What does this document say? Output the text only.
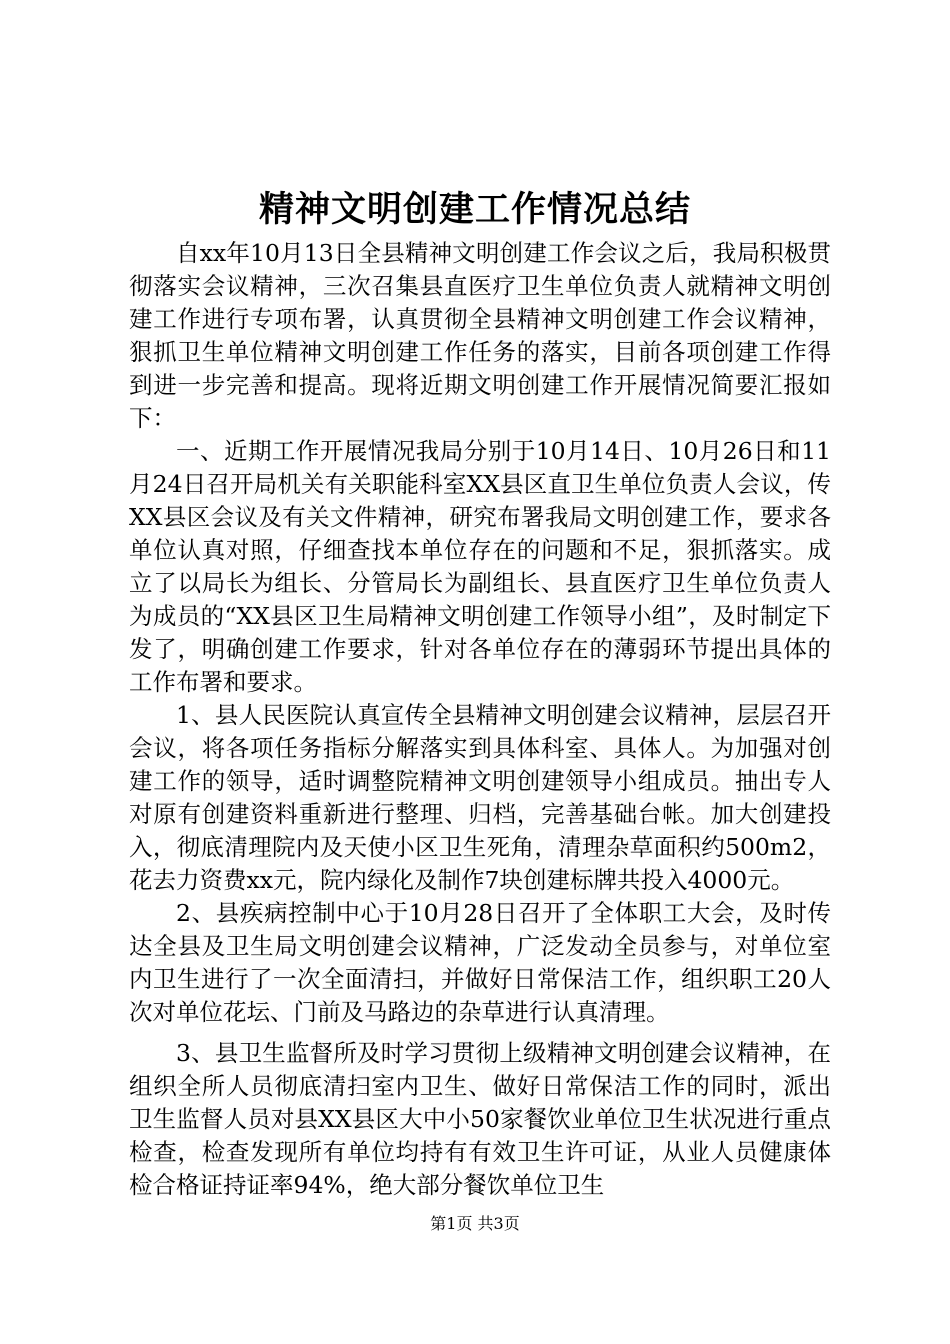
精神文明创建工作情况总结

自xx年10月13日全县精神文明创建工作会议之后，我局积极贯彻落实会议精神，三次召集县直医疗卫生单位负责人就精神文明创建工作进行专项布署，认真贯彻全县精神文明创建工作会议精神，狠抓卫生单位精神文明创建工作任务的落实，目前各项创建工作得到进一步完善和提高。现将近期文明创建工作开展情况简要汇报如下：

一、近期工作开展情况我局分别于10月14日、10月26日和11月24日召开局机关有关职能科室XX县区直卫生单位负责人会议，传XX县区会议及有关文件精神，研究布署我局文明创建工作，要求各单位认真对照，仔细查找本单位存在的问题和不足，狠抓落实。成立了以局长为组长、分管局长为副组长、县直医疗卫生单位负责人为成员的“XX县区卫生局精神文明创建工作领导小组”，及时制定下发了，明确创建工作要求，针对各单位存在的薄弱环节提出具体的工作布署和要求。

1、县人民医院认真宣传全县精神文明创建会议精神，层层召开会议，将各项任务指标分解落实到具体科室、具体人。为加强对创建工作的领导，适时调整院精神文明创建领导小组成员。抽出专人对原有创建资料重新进行整理、归档，完善基础台帐。加大创建投入，彻底清理院内及天使小区卫生死角，清理杂草面积约500m2，花去力资费xx元，院内绿化及制作7块创建标牌共投入4000元。

2、县疾病控制中心于10月28日召开了全体职工大会，及时传达全县及卫生局文明创建会议精神，广泛发动全员参与，对单位室内卫生进行了一次全面清扫，并做好日常保洁工作，组织职工20人次对单位花坛、门前及马路边的杂草进行认真清理。

3、县卫生监督所及时学习贯彻上级精神文明创建会议精神，在组织全所人员彻底清扫室内卫生、做好日常保洁工作的同时，派出卫生监督人员对县XX县区大中小50家餐饮业单位卫生状况进行重点检查，检查发现所有单位均持有有效卫生许可证，从业人员健康体检合格证持证率94%，绝大部分餐饮单位卫生

第1页 共3页
